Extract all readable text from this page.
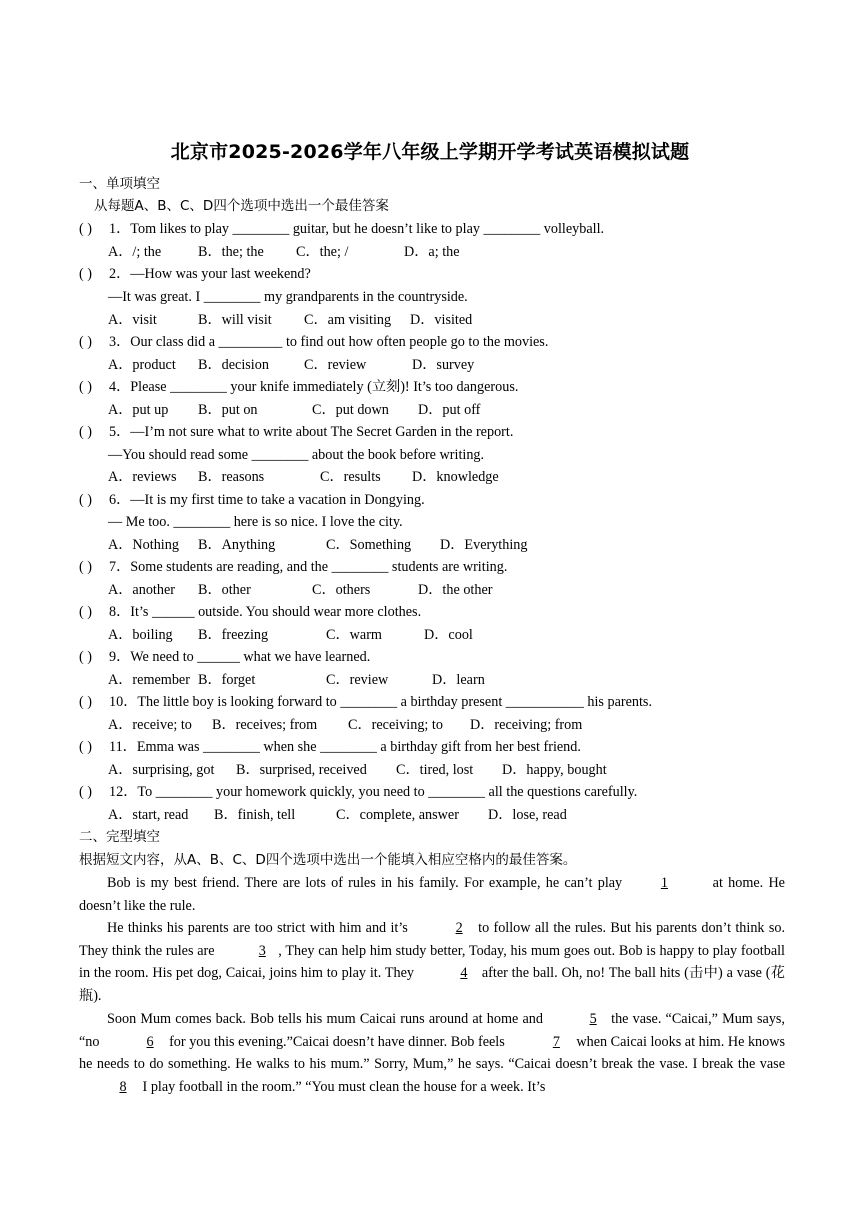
北京市2025-2026学年八年级上学期开学考试英语模拟试题
一、单项填空
从每题A、B、C、D四个选项中选出一个最佳答案
( ) 1．Tom likes to play ________ guitar, but he doesn’t like to play ________ volleyball.
A．/; the	B．the; the C．the; /	D．a; the
( ) 2．—How was your last weekend?
—It was great. I ________ my grandparents in the countryside.
A．visit	B．will visit C．am visiting D．visited
( ) 3．Our class did a _________ to find out how often people go to the movies.
A．product B．decision C．review	D．survey
( ) 4．Please ________ your knife immediately (立刻)! It’s too dangerous.
A．put up B．put on	C．put down D．put off
( ) 5．—I’m not sure what to write about The Secret Garden in the report.
—You should read some ________ about the book before writing.
A．reviews B．reasons	C．results D．knowledge
( ) 6．—It is my first time to take a vacation in Dongying.
— Me too. ________ here is so nice. I love the city.
A．Nothing B．Anything	C．Something D．Everything
( ) 7．Some students are reading, and the ________ students are writing.
A．another B．other	C．others	D．the other
( ) 8．It’s ______ outside. You should wear more clothes.
A．boiling B．freezing	C．warm	D．cool
( ) 9．We need to ______ what we have learned.
A．remember B．forget	C．review	D．learn
( ) 10．The little boy is looking forward to ________ a birthday present ___________ his parents.
A．receive; to B．receives; from C．receiving; to D．receiving; from
( ) 11．Emma was ________ when she ________ a birthday gift from her best friend.
A．surprising, got B．surprised, received C．tired, lost D．happy, bought
( ) 12．To ________ your homework quickly, you need to ________ all the questions carefully.
A．start, read B．finish, tell	C．complete, answer D．lose, read
二、完型填空
根据短文内容，从A、B、C、D四个选项中选出一个能填入相应空格内的最佳答案。
Bob is my best friend. There are lots of rules in his family. For example, he can’t play 1	at home. He doesn’t like the rule.
He thinks his parents are too strict with him and it’s	2 to follow all the rules. But his parents don’t think so. They think the rules are	3 , They can help him study better, Today, his mum goes out. Bob is happy to play football in the room. His pet dog, Caicai, joins him to play it. They	4 after the ball. Oh, no! The ball hits (击中) a vase (花瓶).
Soon Mum comes back. Bob tells his mum Caicai runs around at home and	5 the vase. “Caicai,” Mum says, “no	6 for you this evening.”Caicai doesn’t have dinner. Bob feels	7 when Caicai looks at him. He knows he needs to do something. He walks to his mum.” Sorry, Mum,” he says. “Caicai doesn’t break the vase. I break the vase 8 I play football in the room.” “You must clean the house for a week. It’s
